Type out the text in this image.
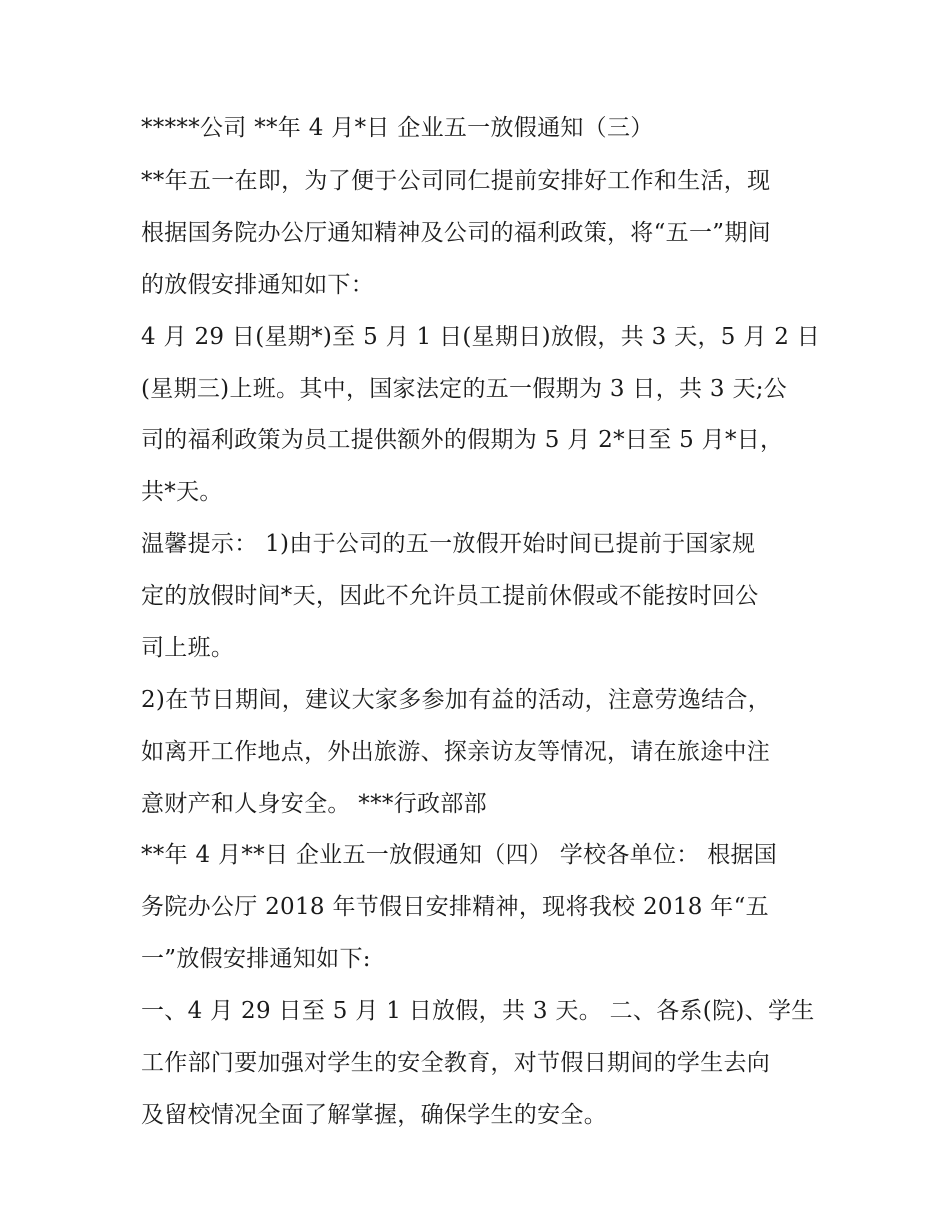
*****公司 **年 4 月*日 企业五一放假通知（三）
**年五一在即，为了便于公司同仁提前安排好工作和生活，现
根据国务院办公厅通知精神及公司的福利政策，将“五一”期间
的放假安排通知如下：
4 月 29 日(星期*)至 5 月 1 日(星期日)放假，共 3 天，5 月 2 日
(星期三)上班。其中，国家法定的五一假期为 3 日，共 3 天;公
司的福利政策为员工提供额外的假期为 5 月 2*日至 5 月*日，
共*天。
温馨提示： 1)由于公司的五一放假开始时间已提前于国家规
定的放假时间*天，因此不允许员工提前休假或不能按时回公
司上班。
2)在节日期间，建议大家多参加有益的活动，注意劳逸结合，
如离开工作地点，外出旅游、探亲访友等情况，请在旅途中注
意财产和人身安全。 ***行政部部
**年 4 月**日 企业五一放假通知（四） 学校各单位： 根据国
务院办公厅 2018 年节假日安排精神，现将我校 2018 年“五
一”放假安排通知如下:
一、4 月 29 日至 5 月 1 日放假，共 3 天。 二、各系(院)、学生
工作部门要加强对学生的安全教育，对节假日期间的学生去向
及留校情况全面了解掌握，确保学生的安全。
